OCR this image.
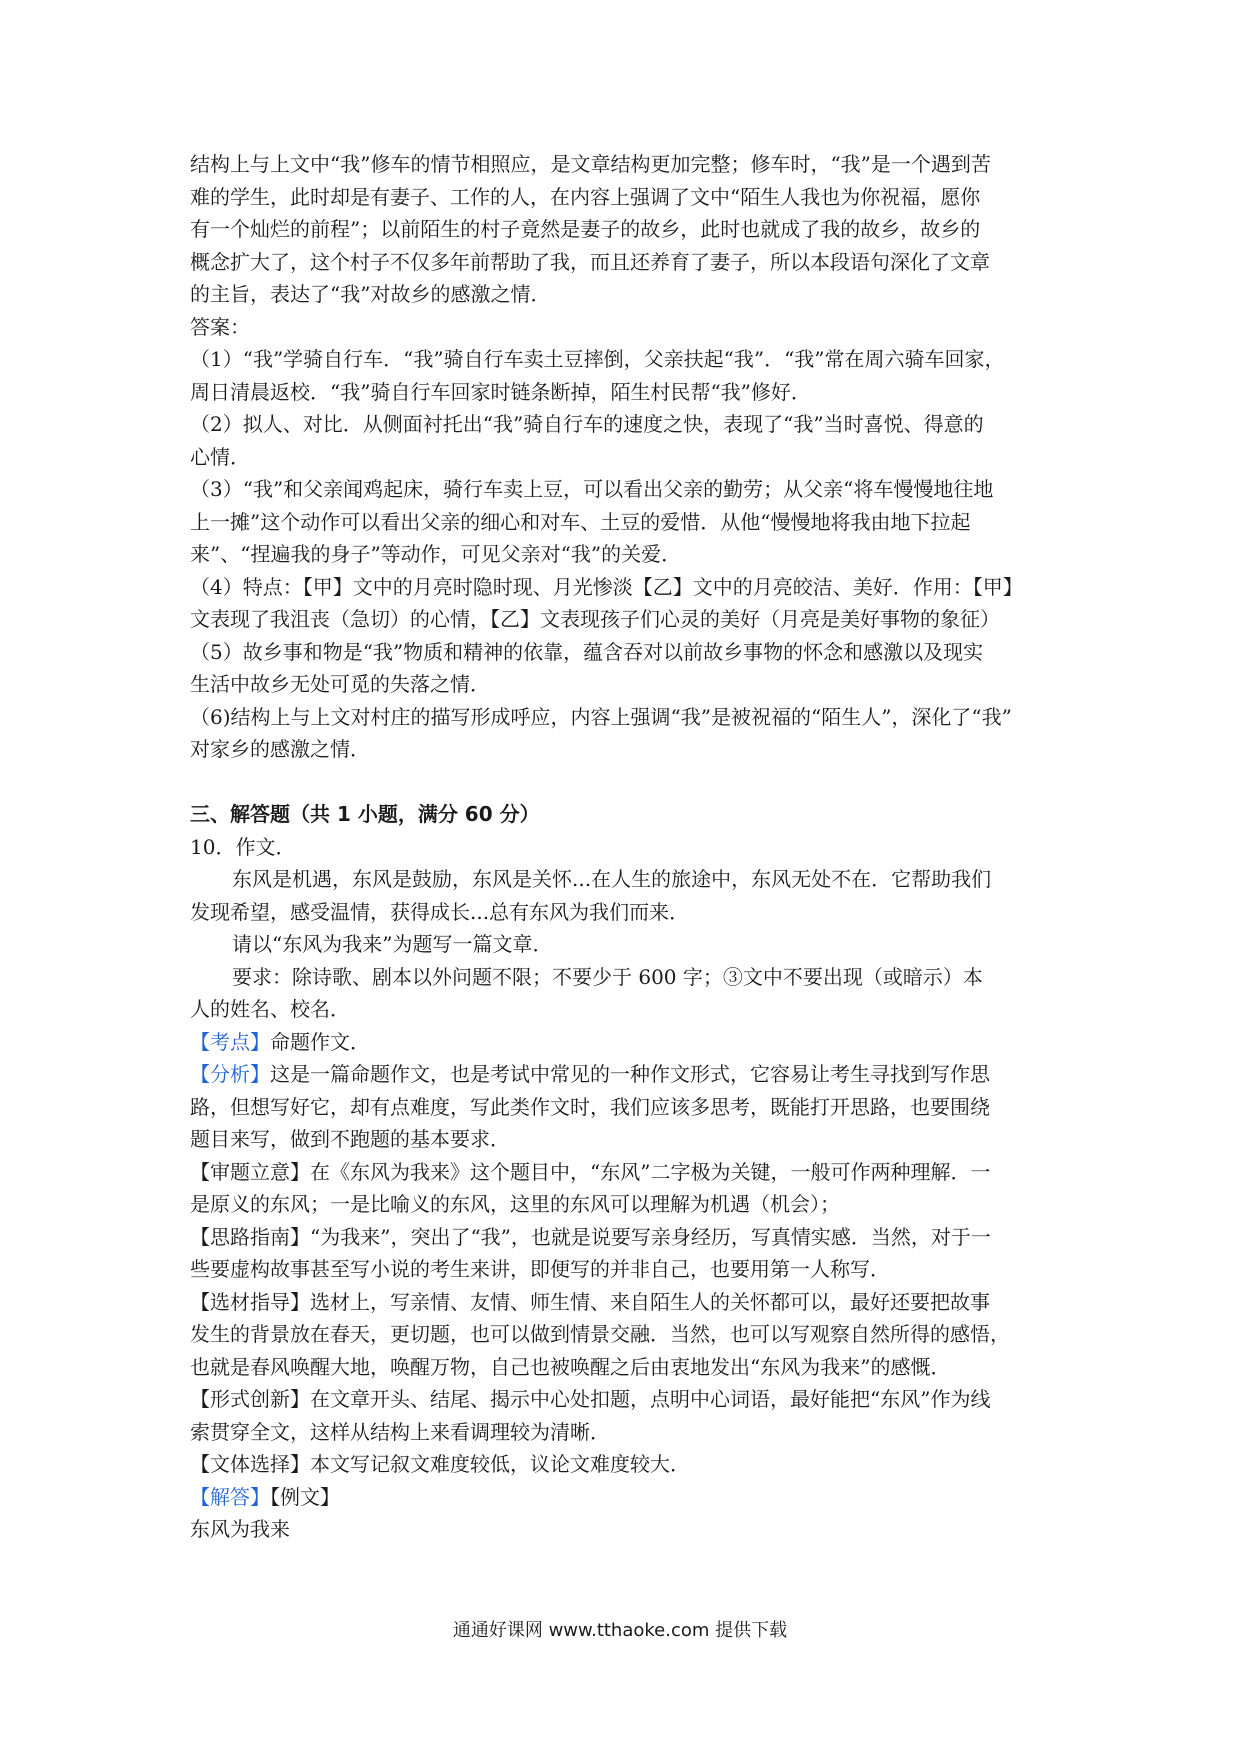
结构上与上文中“我”修车的情节相照应，是文章结构更加完整；修车时，“我”是一个遇到苦
难的学生，此时却是有妻子、工作的人，在内容上强调了文中“陌生人我也为你祝福，愿你
有一个灿烂的前程”；以前陌生的村子竟然是妻子的故乡，此时也就成了我的故乡，故乡的
概念扩大了，这个村子不仅多年前帮助了我，而且还养育了妻子，所以本段语句深化了文章
的主旨，表达了“我”对故乡的感激之情．
答案：
（1）“我”学骑自行车．“我”骑自行车卖土豆摔倒，父亲扶起“我”．“我”常在周六骑车回家，
周日清晨返校．“我”骑自行车回家时链条断掉，陌生村民帮“我”修好．
（2）拟人、对比．从侧面衬托出“我”骑自行车的速度之快，表现了“我”当时喜悦、得意的
心情．
（3）“我”和父亲闻鸡起床，骑行车卖上豆，可以看出父亲的勤劳；从父亲“将车慢慢地往地
上一摊”这个动作可以看出父亲的细心和对车、土豆的爱惜．从他“慢慢地将我由地下拉起
来”、“捏遍我的身子”等动作，可见父亲对“我”的关爱．
（4）特点：【甲】文中的月亮时隐时现、月光惨淡【乙】文中的月亮皎洁、美好．作用：【甲】
文表现了我沮丧（急切）的心情，【乙】文表现孩子们心灵的美好（月亮是美好事物的象征）
（5）故乡事和物是“我”物质和精神的依靠，蕴含吞对以前故乡事物的怀念和感激以及现实
生活中故乡无处可觅的失落之情．
（6)结构上与上文对村庄的描写形成呼应，内容上强调“我”是被祝福的“陌生人”，深化了“我”
对家乡的感激之情．
三、解答题（共 1 小题，满分 60 分）
10．作文．
东风是机遇，东风是鼓励，东风是关怀...在人生的旅途中，东风无处不在．它帮助我们
发现希望，感受温情，获得成长...总有东风为我们而来．
请以“东风为我来”为题写一篇文章．
要求：除诗歌、剧本以外问题不限；不要少于 600 字；③文中不要出现（或暗示）本
人的姓名、校名．
【考点】命题作文．
【分析】这是一篇命题作文，也是考试中常见的一种作文形式，它容易让考生寻找到写作思
路，但想写好它，却有点难度，写此类作文时，我们应该多思考，既能打开思路，也要围绕
题目来写，做到不跑题的基本要求．
【审题立意】在《东风为我来》这个题目中，“东风”二字极为关键，一般可作两种理解．一
是原义的东风；一是比喻义的东风，这里的东风可以理解为机遇（机会）；
【思路指南】“为我来”，突出了“我”，也就是说要写亲身经历，写真情实感．当然，对于一
些要虚构故事甚至写小说的考生来讲，即便写的并非自己，也要用第一人称写．
【选材指导】选材上，写亲情、友情、师生情、来自陌生人的关怀都可以，最好还要把故事
发生的背景放在春天，更切题，也可以做到情景交融．当然，也可以写观察自然所得的感悟，
也就是春风唤醒大地，唤醒万物，自己也被唤醒之后由衷地发出“东风为我来”的感慨．
【形式创新】在文章开头、结尾、揭示中心处扣题，点明中心词语，最好能把“东风”作为线
索贯穿全文，这样从结构上来看调理较为清晰．
【文体选择】本文写记叙文难度较低，议论文难度较大．
【解答】【例文】
东风为我来
通通好课网 www.tthaoke.com 提供下载
